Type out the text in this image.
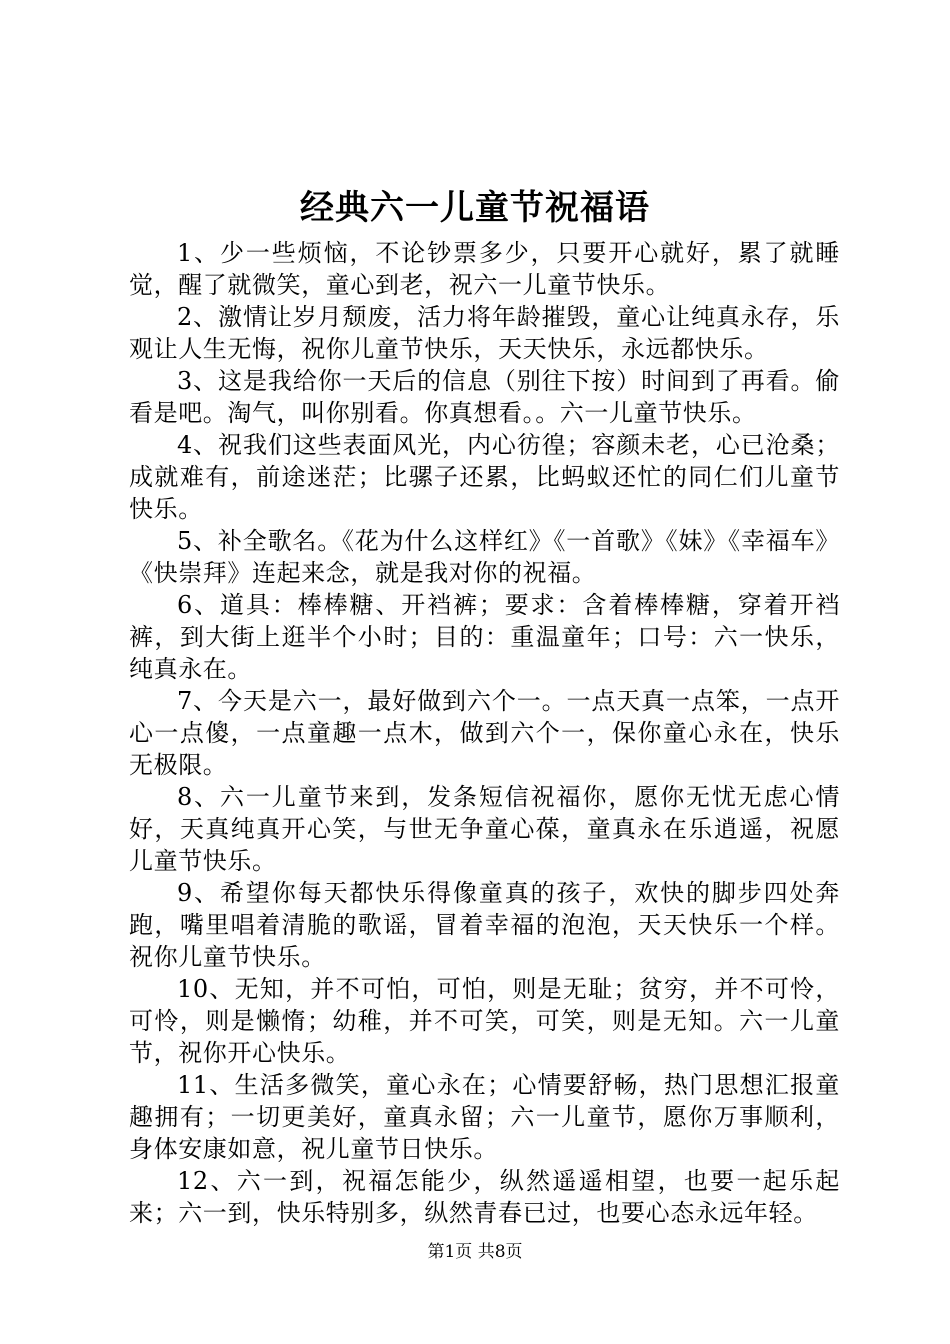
经典六一儿童节祝福语

1、少一些烦恼，不论钞票多少，只要开心就好，累了就睡觉，醒了就微笑，童心到老，祝六一儿童节快乐。

2、激情让岁月颓废，活力将年龄摧毁，童心让纯真永存，乐观让人生无悔，祝你儿童节快乐，天天快乐，永远都快乐。

3、这是我给你一天后的信息（别往下按）时间到了再看。偷看是吧。淘气，叫你别看。你真想看。。六一儿童节快乐。

4、祝我们这些表面风光，内心彷徨；容颜未老，心已沧桑；成就难有，前途迷茫；比骡子还累，比蚂蚁还忙的同仁们儿童节快乐。

5、补全歌名。《花为什么这样红》《一首歌》《妹》《幸福车》《快崇拜》连起来念，就是我对你的祝福。

6、道具：棒棒糖、开裆裤；要求：含着棒棒糖，穿着开裆裤，到大街上逛半个小时；目的：重温童年；口号：六一快乐，纯真永在。

7、今天是六一，最好做到六个一。一点天真一点笨，一点开心一点傻，一点童趣一点木，做到六个一，保你童心永在，快乐无极限。

8、六一儿童节来到，发条短信祝福你，愿你无忧无虑心情好，天真纯真开心笑，与世无争童心葆，童真永在乐逍遥，祝愿儿童节快乐。

9、希望你每天都快乐得像童真的孩子，欢快的脚步四处奔跑，嘴里唱着清脆的歌谣，冒着幸福的泡泡，天天快乐一个样。祝你儿童节快乐。

10、无知，并不可怕，可怕，则是无耻；贫穷，并不可怜，可怜，则是懒惰；幼稚，并不可笑，可笑，则是无知。六一儿童节，祝你开心快乐。

11、生活多微笑，童心永在；心情要舒畅，热门思想汇报童趣拥有；一切更美好，童真永留；六一儿童节，愿你万事顺利，身体安康如意，祝儿童节日快乐。

12、六一到，祝福怎能少，纵然遥遥相望，也要一起乐起来；六一到，快乐特别多，纵然青春已过，也要心态永远年轻。

第1页 共8页
